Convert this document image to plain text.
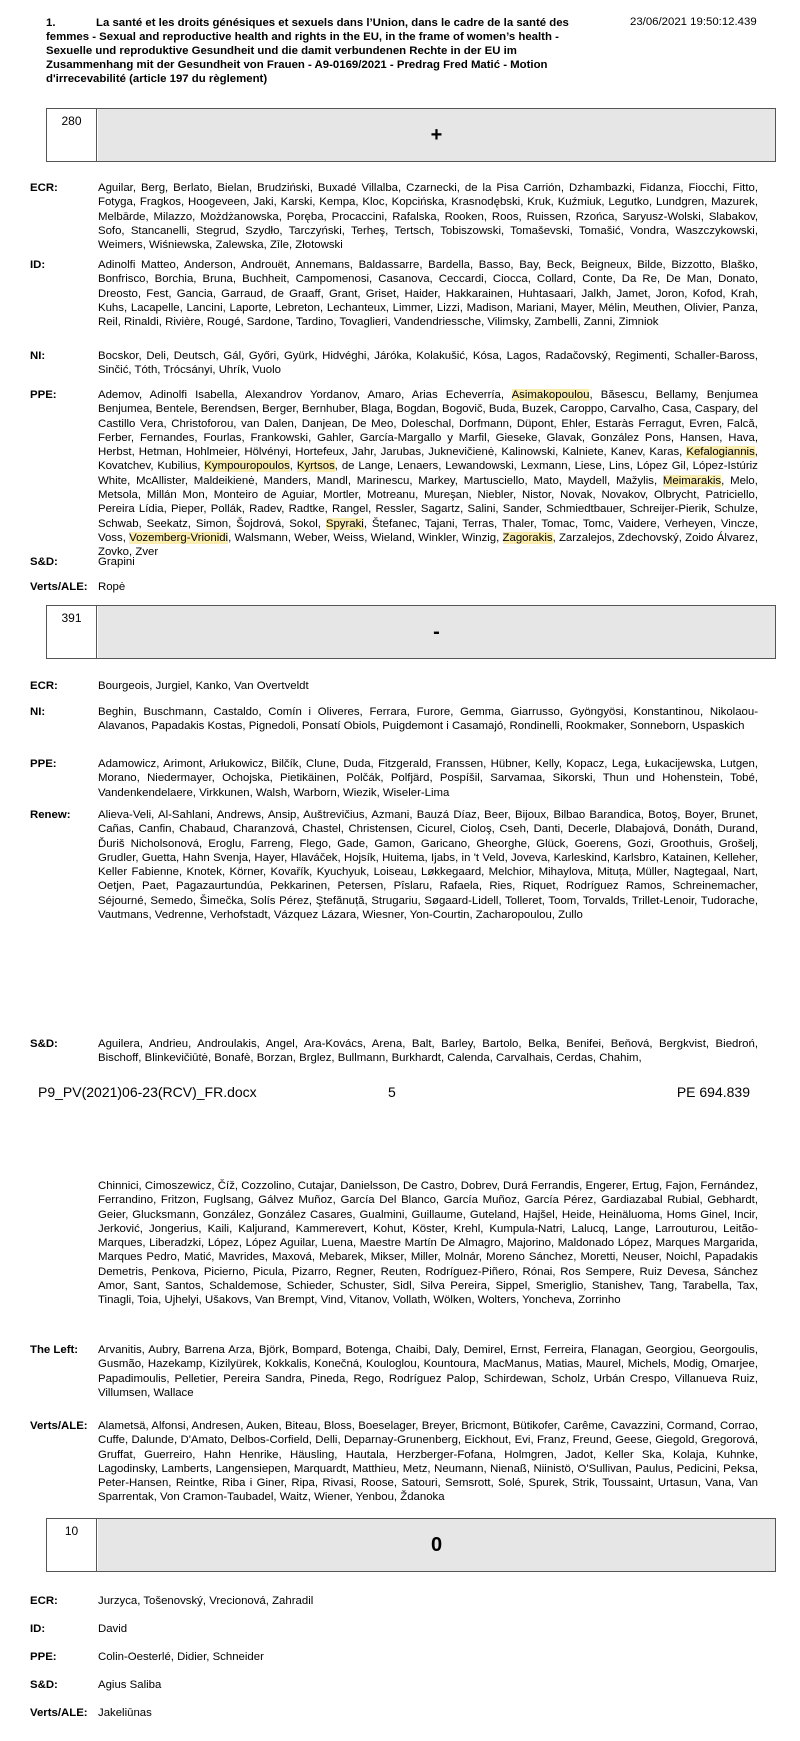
1.	La santé et les droits génésiques et sexuels dans l’Union, dans le cadre de la santé des femmes - Sexual and reproductive health and rights in the EU, in the frame of women’s health - Sexuelle und reproduktive Gesundheit und die damit verbundenen Rechte in der EU im Zusammenhang mit der Gesundheit von Frauen - A9-0169/2021 - Predrag Fred Matić - Motion d'irrecevabilité (article 197 du règlement)
23/06/2021 19:50:12.439
280
+
ECR:	Aguilar, Berg, Berlato, Bielan, Brudziński, Buxadé Villalba, Czarnecki, de la Pisa Carrión, Dzhambazki, Fidanza, Fiocchi, Fitto, Fotyga, Fragkos, Hoogeveen, Jaki, Karski, Kempa, Kloc, Kopcińska, Krasnodębski, Kruk, Kuźmiuk, Legutko, Lundgren, Mazurek, Melbārde, Milazzo, Możdżanowska, Poręba, Procaccini, Rafalska, Rooken, Roos, Ruissen, Rzońca, Saryusz-Wolski, Slabakov, Sofo, Stancanelli, Stegrud, Szydło, Tarczyński, Terheş, Tertsch, Tobiszowski, Tomaševski, Tomašić, Vondra, Waszczykowski, Weimers, Wiśniewska, Zalewska, Zīle, Złotowski
ID:	Adinolfi Matteo, Anderson, Androuët, Annemans, Baldassarre, Bardella, Basso, Bay, Beck, Beigneux, Bilde, Bizzotto, Blaško, Bonfrisco, Borchia, Bruna, Buchheit, Campomenosi, Casanova, Ceccardi, Ciocca, Collard, Conte, Da Re, De Man, Donato, Dreosto, Fest, Gancia, Garraud, de Graaff, Grant, Griset, Haider, Hakkarainen, Huhtasaari, Jalkh, Jamet, Joron, Kofod, Krah, Kuhs, Lacapelle, Lancini, Laporte, Lebreton, Lechanteux, Limmer, Lizzi, Madison, Mariani, Mayer, Mélin, Meuthen, Olivier, Panza, Reil, Rinaldi, Rivière, Rougé, Sardone, Tardino, Tovaglieri, Vandendriessche, Vilimsky, Zambelli, Zanni, Zimniok
NI:	Bocskor, Deli, Deutsch, Gál, Győri, Gyürk, Hidvéghi, Járóka, Kolakušić, Kósa, Lagos, Radačovský, Regimenti, Schaller-Baross, Sinčić, Tóth, Trócsányi, Uhrík, Vuolo
PPE:	Ademov, Adinolfi Isabella, Alexandrov Yordanov, Amaro, Arias Echeverría, Asimakopoulou, Băsescu, Bellamy, Benjumea Benjumea, Bentele, Berendsen, Berger, Bernhuber, Blaga, Bogdan, Bogovič, Buda, Buzek, Caroppo, Carvalho, Casa, Caspary, del Castillo Vera, Christoforou, van Dalen, Danjean, De Meo, Doleschal, Dorfmann, Düpont, Ehler, Estaràs Ferragut, Evren, Falcă, Ferber, Fernandes, Fourlas, Frankowski, Gahler, García-Margallo y Marfil, Gieseke, Glavak, González Pons, Hansen, Hava, Herbst, Hetman, Hohlmeier, Hölvényi, Hortefeux, Jahr, Jarubas, Juknevičienė, Kalinowski, Kalniete, Kanev, Karas, Kefalogiannis, Kovatchev, Kubilius, Kympouropoulos, Kyrtsos, de Lange, Lenaers, Lewandowski, Lexmann, Liese, Lins, López Gil, López-Istúriz White, McAllister, Maldeikienė, Manders, Mandl, Marinescu, Markey, Martusciello, Mato, Maydell, Mažylis, Meimarakis, Melo, Metsola, Millán Mon, Monteiro de Aguiar, Mortler, Motreanu, Mureşan, Niebler, Nistor, Novak, Novakov, Olbrycht, Patriciello, Pereira Lídia, Pieper, Pollák, Radev, Radtke, Rangel, Ressler, Sagartz, Salini, Sander, Schmiedtbauer, Schreijer-Pierik, Schulze, Schwab, Seekatz, Simon, Šojdrová, Sokol, Spyraki, Štefanec, Tajani, Terras, Thaler, Tomac, Tomc, Vaidere, Verheyen, Vincze, Voss, Vozemberg-Vrionidi, Walsmann, Weber, Weiss, Wieland, Winkler, Winzig, Zagorakis, Zarzalejos, Zdechovský, Zoido Álvarez, Zovko, Zver
S&D:	Grapini
Verts/ALE: Ropė
391
-
ECR:	Bourgeois, Jurgiel, Kanko, Van Overtveldt
NI:	Beghin, Buschmann, Castaldo, Comín i Oliveres, Ferrara, Furore, Gemma, Giarrusso, Gyöngyösi, Konstantinou, Nikolaou-Alavanos, Papadakis Kostas, Pignedoli, Ponsatí Obiols, Puigdemont i Casamajó, Rondinelli, Rookmaker, Sonneborn, Uspaskich
PPE:	Adamowicz, Arimont, Arłukowicz, Bilčík, Clune, Duda, Fitzgerald, Franssen, Hübner, Kelly, Kopacz, Lega, Łukacijewska, Lutgen, Morano, Niedermayer, Ochojska, Pietikäinen, Polčák, Polfjärd, Pospíšil, Sarvamaa, Sikorski, Thun und Hohenstein, Tobé, Vandenkendelaere, Virkkunen, Walsh, Warborn, Wiezik, Wiseler-Lima
Renew:	Alieva-Veli, Al-Sahlani, Andrews, Ansip, Auštrevičius, Azmani, Bauzá Díaz, Beer, Bijoux, Bilbao Barandica, Botoş, Boyer, Brunet, Cañas, Canfin, Chabaud, Charanzová, Chastel, Christensen, Cicurel, Cioloş, Cseh, Danti, Decerle, Dlabajová, Donáth, Durand, Ďuriš Nicholsonová, Eroglu, Farreng, Flego, Gade, Gamon, Garicano, Gheorghe, Glück, Goerens, Gozi, Groothuis, Grošelj, Grudler, Guetta, Hahn Svenja, Hayer, Hlaváček, Hojsík, Huitema, Ijabs, in 't Veld, Joveva, Karleskind, Karlsbro, Katainen, Kelleher, Keller Fabienne, Knotek, Körner, Kovařík, Kyuchyuk, Loiseau, Løkkegaard, Melchior, Mihaylova, Mituța, Müller, Nagtegaal, Nart, Oetjen, Paet, Pagazaurtundúa, Pekkarinen, Petersen, Pîslaru, Rafaela, Ries, Riquet, Rodríguez Ramos, Schreinemacher, Séjourné, Semedo, Šimečka, Solís Pérez, Ştefănuță, Strugariu, Søgaard-Lidell, Tolleret, Toom, Torvalds, Trillet-Lenoir, Tudorache, Vautmans, Vedrenne, Verhofstadt, Vázquez Lázara, Wiesner, Yon-Courtin, Zacharopoulou, Zullo
S&D:	Aguilera, Andrieu, Androulakis, Angel, Ara-Kovács, Arena, Balt, Barley, Bartolo, Belka, Benifei, Beňová, Bergkvist, Biedroń, Bischoff, Blinkevičiūtė, Bonafè, Borzan, Brglez, Bullmann, Burkhardt, Calenda, Carvalhais, Cerdas, Chahim,
P9_PV(2021)06-23(RCV)_FR.docx	5	PE 694.839
Chinnici, Cimoszewicz, Číž, Cozzolino, Cutajar, Danielsson, De Castro, Dobrev, Durá Ferrandis, Engerer, Ertug, Fajon, Fernández, Ferrandino, Fritzon, Fuglsang, Gálvez Muñoz, García Del Blanco, García Muñoz, García Pérez, Gardiazabal Rubial, Gebhardt, Geier, Glucksmann, González, González Casares, Gualmini, Guillaume, Guteland, Hajšel, Heide, Heinäluoma, Homs Ginel, Incir, Jerković, Jongerius, Kaili, Kaljurand, Kammerevert, Kohut, Köster, Krehl, Kumpula-Natri, Lalucq, Lange, Larrouturou, Leitão-Marques, Liberadzki, López, López Aguilar, Luena, Maestre Martín De Almagro, Majorino, Maldonado López, Marques Margarida, Marques Pedro, Matić, Mavrides, Maxová, Mebarek, Mikser, Miller, Molnár, Moreno Sánchez, Moretti, Neuser, Noichl, Papadakis Demetris, Penkova, Picierno, Picula, Pizarro, Regner, Reuten, Rodríguez-Piñero, Rónai, Ros Sempere, Ruiz Devesa, Sánchez Amor, Sant, Santos, Schaldemose, Schieder, Schuster, Sidl, Silva Pereira, Sippel, Smeriglio, Stanishev, Tang, Tarabella, Tax, Tinagli, Toia, Ujhelyi, Ušakovs, Van Brempt, Vind, Vitanov, Vollath, Wölken, Wolters, Yoncheva, Zorrinho
The Left:	Arvanitis, Aubry, Barrena Arza, Björk, Bompard, Botenga, Chaibi, Daly, Demirel, Ernst, Ferreira, Flanagan, Georgiou, Georgoulis, Gusmão, Hazekamp, Kizilyürek, Kokkalis, Konečná, Kouloglou, Kountoura, MacManus, Matias, Maurel, Michels, Modig, Omarjee, Papadimoulis, Pelletier, Pereira Sandra, Pineda, Rego, Rodríguez Palop, Schirdewan, Scholz, Urbán Crespo, Villanueva Ruiz, Villumsen, Wallace
Verts/ALE: Alametsä, Alfonsi, Andresen, Auken, Biteau, Bloss, Boeselager, Breyer, Bricmont, Bütikofer, Carême, Cavazzini, Cormand, Corrao, Cuffe, Dalunde, D'Amato, Delbos-Corfield, Delli, Deparnay-Grunenberg, Eickhout, Evi, Franz, Freund, Geese, Giegold, Gregorová, Gruffat, Guerreiro, Hahn Henrike, Häusling, Hautala, Herzberger-Fofana, Holmgren, Jadot, Keller Ska, Kolaja, Kuhnke, Lagodinsky, Lamberts, Langensiepen, Marquardt, Matthieu, Metz, Neumann, Nienaß, Niinistö, O'Sullivan, Paulus, Pedicini, Peksa, Peter-Hansen, Reintke, Riba i Giner, Ripa, Rivasi, Roose, Satouri, Semsrott, Solé, Spurek, Strik, Toussaint, Urtasun, Vana, Van Sparrentak, Von Cramon-Taubadel, Waitz, Wiener, Yenbou, Ždanoka
10
0
ECR:	Jurzyca, Tošenovský, Vrecionová, Zahradil
ID:	David
PPE:	Colin-Oesterlé, Didier, Schneider
S&D:	Agius Saliba
Verts/ALE: Jakeliūnas
